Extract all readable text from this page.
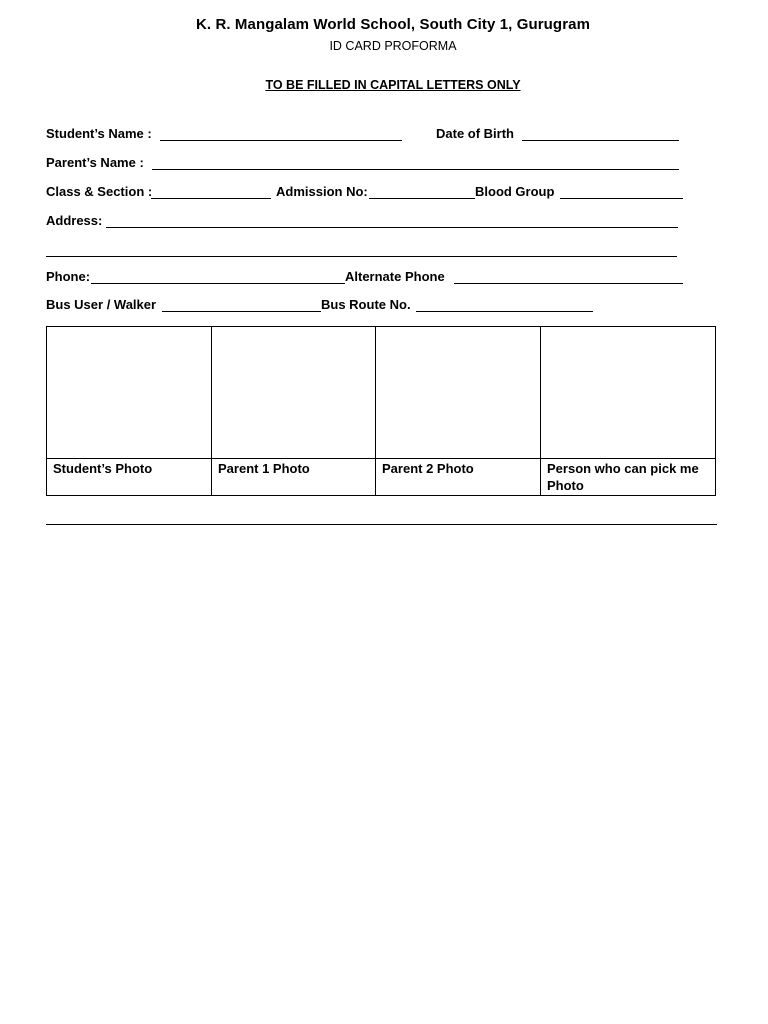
K. R. Mangalam World School, South City 1, Gurugram
ID CARD PROFORMA
TO BE FILLED IN CAPITAL LETTERS ONLY
Student’s Name :	Date of Birth
Parent’s Name :
Class & Section :	Admission No:	Blood Group
Address:
Phone:	Alternate Phone
Bus User / Walker	Bus Route No.

Student’s Photo	Parent 1 Photo	Parent 2 Photo	Person who can pick me Photo
